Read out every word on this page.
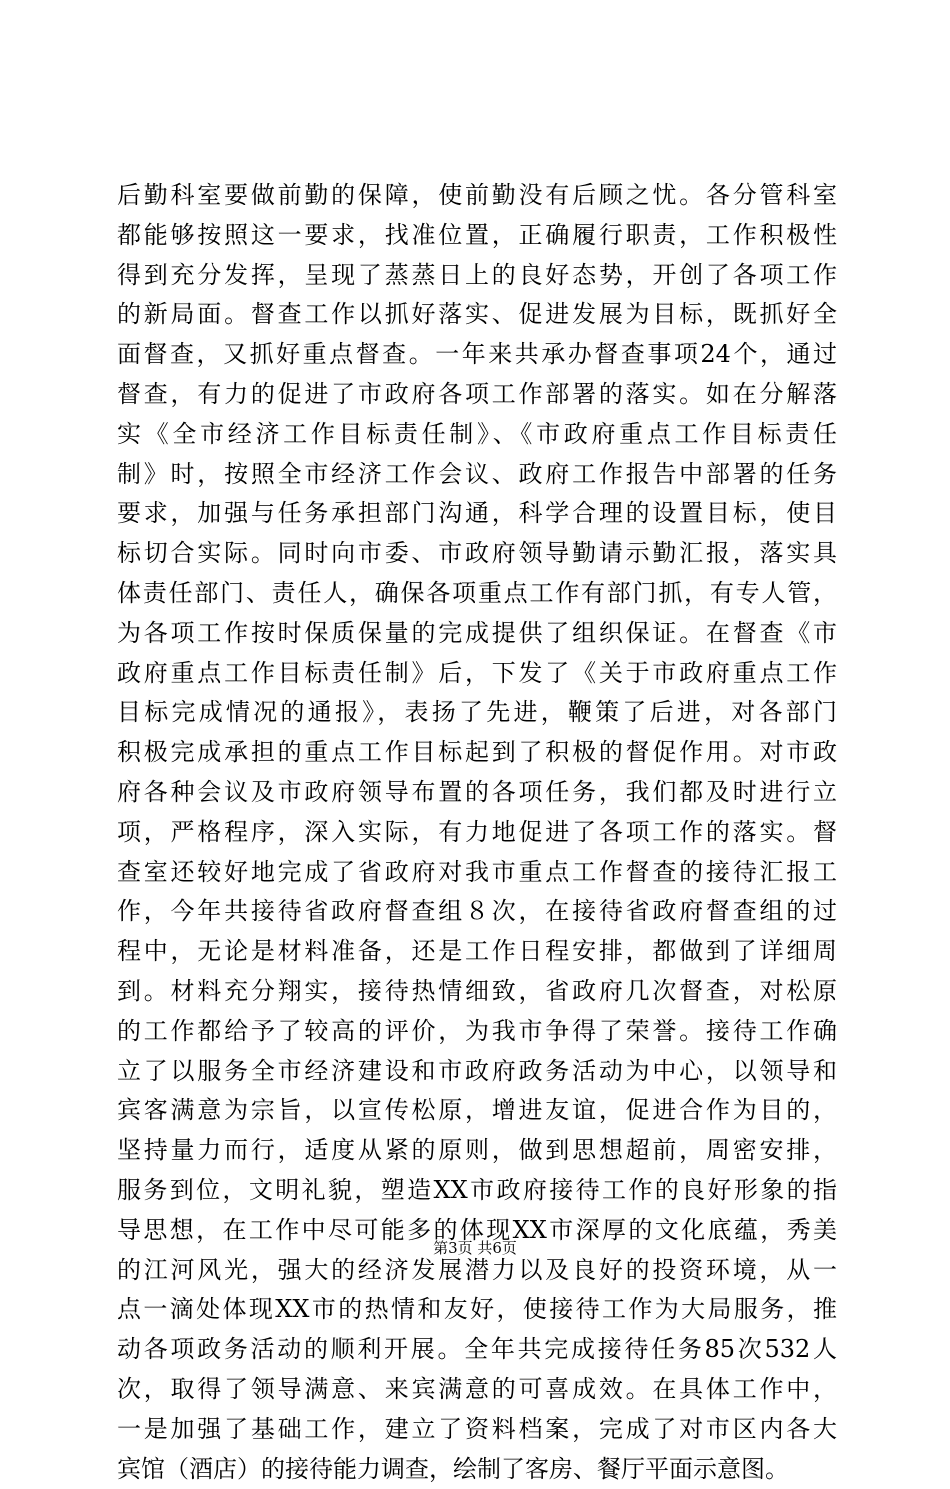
后勤科室要做前勤的保障，使前勤没有后顾之忧。各分管科室
都能够按照这一要求，找准位置，正确履行职责，工作积极性
得到充分发挥，呈现了蒸蒸日上的良好态势，开创了各项工作
的新局面。督查工作以抓好落实、促进发展为目标，既抓好全
面督查，又抓好重点督查。一年来共承办督查事项24个，通过
督查，有力的促进了市政府各项工作部署的落实。如在分解落
实《全市经济工作目标责任制》、《市政府重点工作目标责任
制》时，按照全市经济工作会议、政府工作报告中部署的任务
要求，加强与任务承担部门沟通，科学合理的设置目标，使目
标切合实际。同时向市委、市政府领导勤请示勤汇报，落实具
体责任部门、责任人，确保各项重点工作有部门抓，有专人管，
为各项工作按时保质保量的完成提供了组织保证。在督查《市
政府重点工作目标责任制》后，下发了《关于市政府重点工作
目标完成情况的通报》，表扬了先进，鞭策了后进，对各部门
积极完成承担的重点工作目标起到了积极的督促作用。对市政
府各种会议及市政府领导布置的各项任务，我们都及时进行立
项，严格程序，深入实际，有力地促进了各项工作的落实。督
查室还较好地完成了省政府对我市重点工作督查的接待汇报工
作，今年共接待省政府督查组８次，在接待省政府督查组的过
程中，无论是材料准备，还是工作日程安排，都做到了详细周
到。材料充分翔实，接待热情细致，省政府几次督查，对松原
的工作都给予了较高的评价，为我市争得了荣誉。接待工作确
立了以服务全市经济建设和市政府政务活动为中心，以领导和
宾客满意为宗旨，以宣传松原，增进友谊，促进合作为目的，
坚持量力而行，适度从紧的原则，做到思想超前，周密安排，
服务到位，文明礼貌，塑造XX市政府接待工作的良好形象的指
导思想，在工作中尽可能多的体现XX市深厚的文化底蕴，秀美
的江河风光，强大的经济发展潜力以及良好的投资环境，从一
点一滴处体现XX市的热情和友好，使接待工作为大局服务，推
动各项政务活动的顺利开展。全年共完成接待任务85次532人
次，取得了领导满意、来宾满意的可喜成效。在具体工作中，
一是加强了基础工作，建立了资料档案，完成了对市区内各大
宾馆（酒店）的接待能力调查，绘制了客房、餐厅平面示意图。
第3页 共6页
